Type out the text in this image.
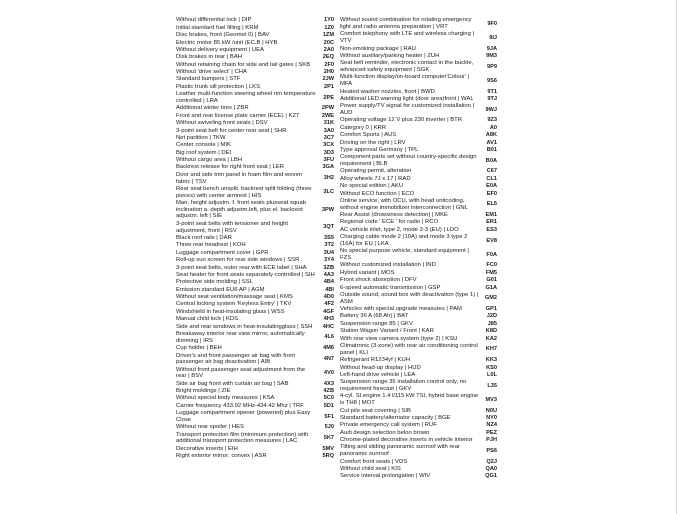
Without differential lock | DIP	1Y0
Initial standard fuel filling | KRM	1Z0
Disc brakes, front (Geomet 0) | BAV	1ZM
Electric motor 85 kW /unit (EC.B | HYB	20C
Without delivery equipment | UEA	2A0
Disk brakes in rear | BAH	2EQ
Without retaining chain for side and tail gates | SKB	2F0
Without 'drive select' | CHA	2H0
Standard bumpers | STF	2JW
Plastic trunk sill protection | LKS	2P1
Leather multi-function steering wheel rim temperature controlled | LRA
2PE
Additional winter tires | ZBR	2PW
Front and rear license plate carrier (ECE) | KZT	2WE
Without swiveling front seats | DSV	31K
3-point seat belt for center rear seat | SHR	3A0
Net partition | TKW	3C7
Center console | MIK	3CX
Big roof system | DEI	3D3
Without cargo area | LBH	3FU
Backrest release for right front seat | LER	3GA
Door and side trim panel in foam film and woven fabric | TSV
3H2
Rear seat bench unsplit, backrest split folding (three pieces) with center armrest | HIS
3LC
Man. height adjustm. f. front seats plusseat squab inclination a. depth adjustm.left, plus el. backrest adjustm. left | SIE
3PW
3-point seat belts with tensioner and height adjustment, front | RSV
3QT
Black roof rails | DAR	3S5
Three rear headrest | KOH	3T2
Luggage compartment cover | GPR	3U4
Roll-up sun screen for rear side windows | SSR	3Y4
3-point seat belts, outer rear with ECE label | SHA	3ZB
Seat heater for front seats separately controlled | SIH	4A3
Protective side molding | SSL	4B4
Emission standard EU6 AP | AGM	4BI
Without seat ventilation/massage seat | KMS	4D0
Central locking system 'Keyless Entry' | TKV	4F2
Windshield in heat-insulating glass | WSS	4GF
Manual child lock | KDS	4H3
Side and rear windows in heat-insulatingglass | SSH	4HC
Breakaway interior rear view mirror, automatically dimming | IRS
4L6
Cup holder | BEH	4M6
Driver's and front passenger air bag with front passenger air bag deactivation | AIB
4N7
Without front passenger seat adjustment from the rear | BSV
4V0
Side air bag front with curtain air bag | SAB	4X3
Bright moldings | ZIE	4ZB
Without special body measures | KSA	5C0
Carrier frequency 433.92 MHz-434.42 Mhz | TRF	5D1
Luggage compartment opener (powered) plus Easy Close
5F1
Without rear spoiler | HES	5J0
Transport protection film (minimum protection) with additional transport protection measures | LAC
5K7
Decorative inserts | EIH	5MV
Right exterior mirror: convex | ASR	5RQ
Without sound combination for rotating emergency light and radio antenna preparation | VRT
9F0
Comfort telephony with LTE and wireless charging | VTV
9IJ
Non-smoking package | RAU	9JA
Without auxiliary/parking heater | ZUH	9M3
Seat belt reminder, electronic contact in the buckle, advanced safety equipment | SGK
9P9
Multi-function display/on-board computer'Colour' | MFA
9S6
Heated washer nozzles, front | BWD	9T1
Additional LED warning light (door area)front | WAL	9TJ
Power supply/TV signal for customized installation | AUD
9WJ
Operating voltage 12 V plus 230 inverter | BTR	9Z3
Category 0 | KRR	A0
Comfort Sports | AUS	A8K
Driving on the right | LRV	AV1
Type approval Germany | TPL	B01
Component parts set without country-specific design requirement | BLB
B0A
Operating permit, alteration	C67
Alloy wheels 7J x 17 | RAD	CL1
No special edition | AKU	E0A
Without ECO function | ECO	EF0
Online service, with OCU, with head unitcoding, without engine immobilizer interconnection | GNL
EL5
Rear Assist (drowsiness detection) | MKE	EM1
Regional code ' ECE ' for radio | RCO	ER1
AC vehicle inlet, type 2, mode 2-3 (EU) | LDO	ES3
Charging cable mode 2 (10A) and mode 3 type 2 (16A) for EU | LKA
EV8
No special purpose vehicle, standard equipment | FZS
F0A
Without customized installation | IND	FC0
Hybrid variant | MOS	FM5
Front shock absorption | DFV	G01
6-speed automatic transmission | GSP	G1A
Outside sound, sound box with deactivation (type 1) | ASM
GM2
Vehicles with special upgrade measures | PAM	GP1
Battery 36 A (68 Ah) | BAT	J2D
Suspension range 85 | GKV	J85
Station Wagon Variant / Front | KAR	K8D
With rear view camera system (type 2) | KSU	KA2
Climatronic (3-zone) with rear air conditioning control panel | KLI
KH7
Refrigerant R1234yf | KUH	KK3
Without head-up display | HUD	KS0
Left-hand drive vehicle | LEA	L0L
Suspension range 35 installation control only, no requirement forecast | GKV
L35
4-cyl. SI engine 1.4 l/115 kW TSI, hybrid base engine is TH8 | MOT
MV3
Cut pile seat covering | SIB	N0U
Standard battery/alternator capacity | BGE	NY0
Private emergency call system | RUF	NZ4
Audi design selection beloo brown	PEZ
Chrome-plated decorative inserts in vehicle interior	PJH
Tilting and sliding panoramic sunroof with rear panoramic sunroof
PS6
Comfort front seats | VOS	Q2J
Without child seat | KIS	QA0
Service interval prolongation | WIV	QG1
